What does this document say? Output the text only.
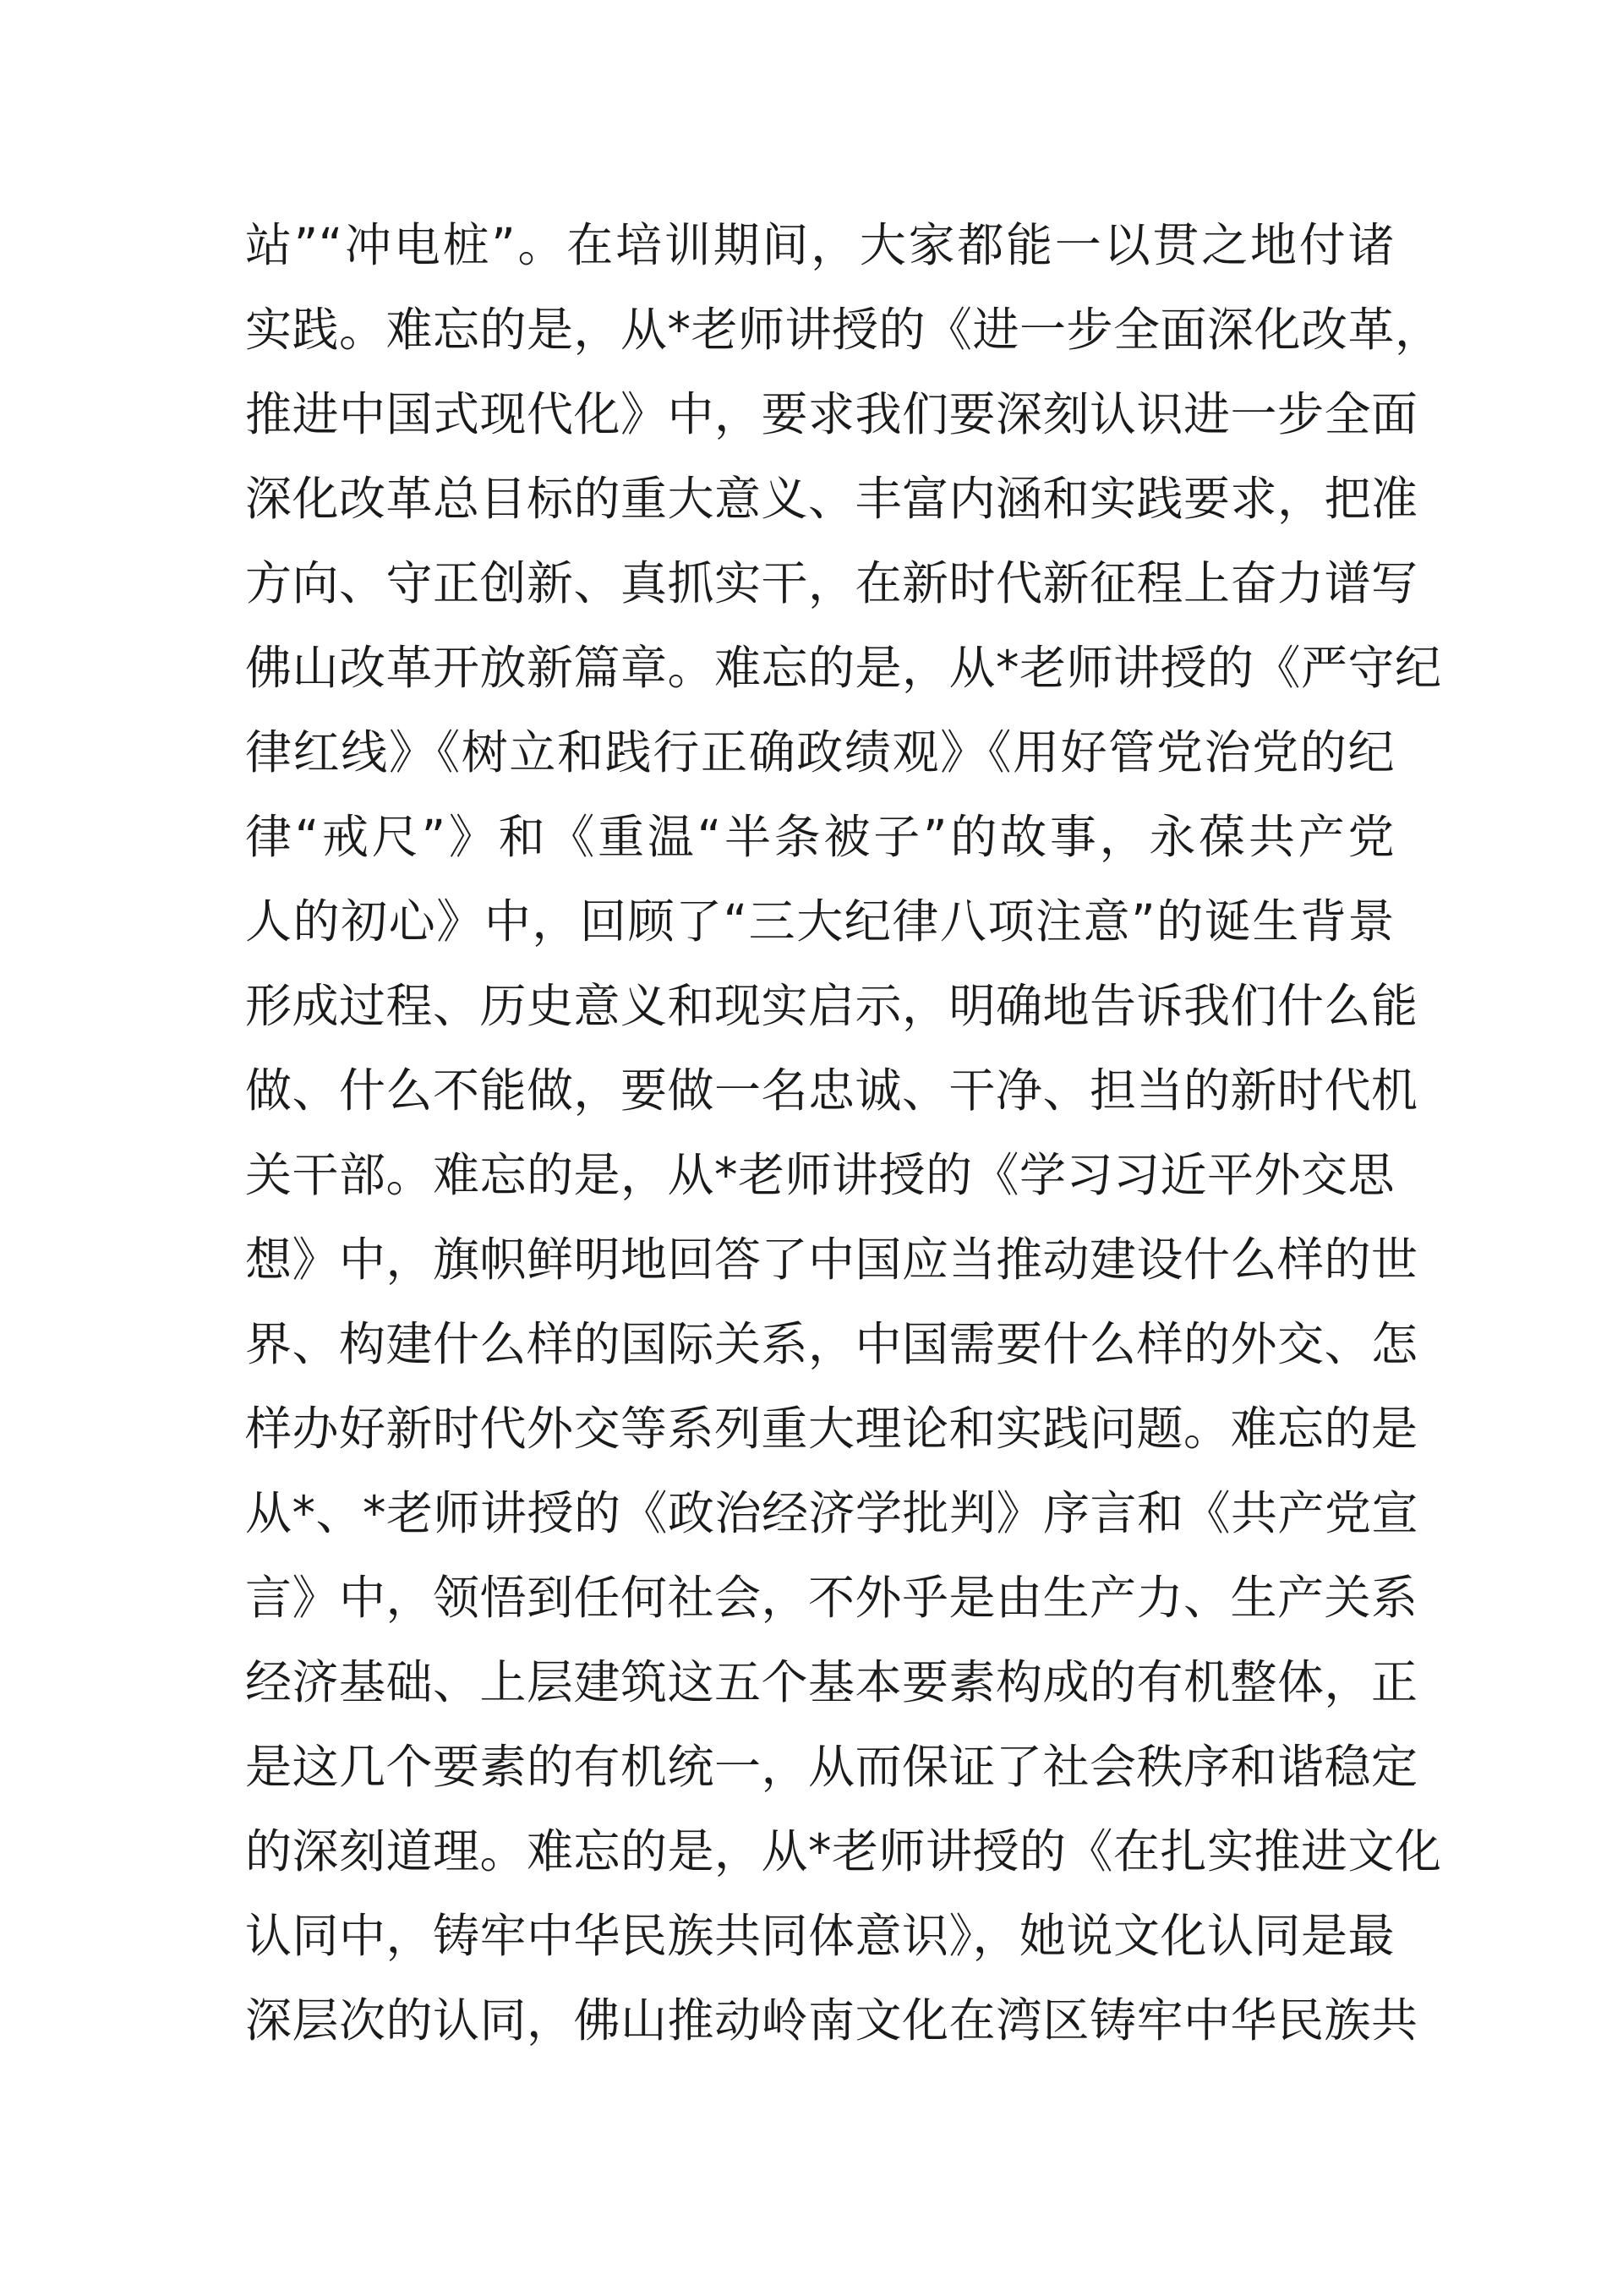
站”“冲电桩”。在培训期间，大家都能一以贯之地付诸
实践。难忘的是，从*老师讲授的《进一步全面深化改革，
推进中国式现代化》中，要求我们要深刻认识进一步全面
深化改革总目标的重大意义、丰富内涵和实践要求，把准
方向、守正创新、真抓实干，在新时代新征程上奋力谱写
佛山改革开放新篇章。难忘的是，从*老师讲授的《严守纪
律红线》《树立和践行正确政绩观》《用好管党治党的纪
律“戒尺”》和《重温“半条被子”的故事，永葆共产党
人的初心》中，回顾了“三大纪律八项注意”的诞生背景
形成过程、历史意义和现实启示，明确地告诉我们什么能
做、什么不能做，要做一名忠诚、干净、担当的新时代机
关干部。难忘的是，从*老师讲授的《学习习近平外交思
想》中，旗帜鲜明地回答了中国应当推动建设什么样的世
界、构建什么样的国际关系，中国需要什么样的外交、怎
样办好新时代外交等系列重大理论和实践问题。难忘的是
从*、*老师讲授的《政治经济学批判》序言和《共产党宣
言》中，领悟到任何社会，不外乎是由生产力、生产关系
经济基础、上层建筑这五个基本要素构成的有机整体，正
是这几个要素的有机统一，从而保证了社会秩序和谐稳定
的深刻道理。难忘的是，从*老师讲授的《在扎实推进文化
认同中，铸牢中华民族共同体意识》，她说文化认同是最
深层次的认同，佛山推动岭南文化在湾区铸牢中华民族共
